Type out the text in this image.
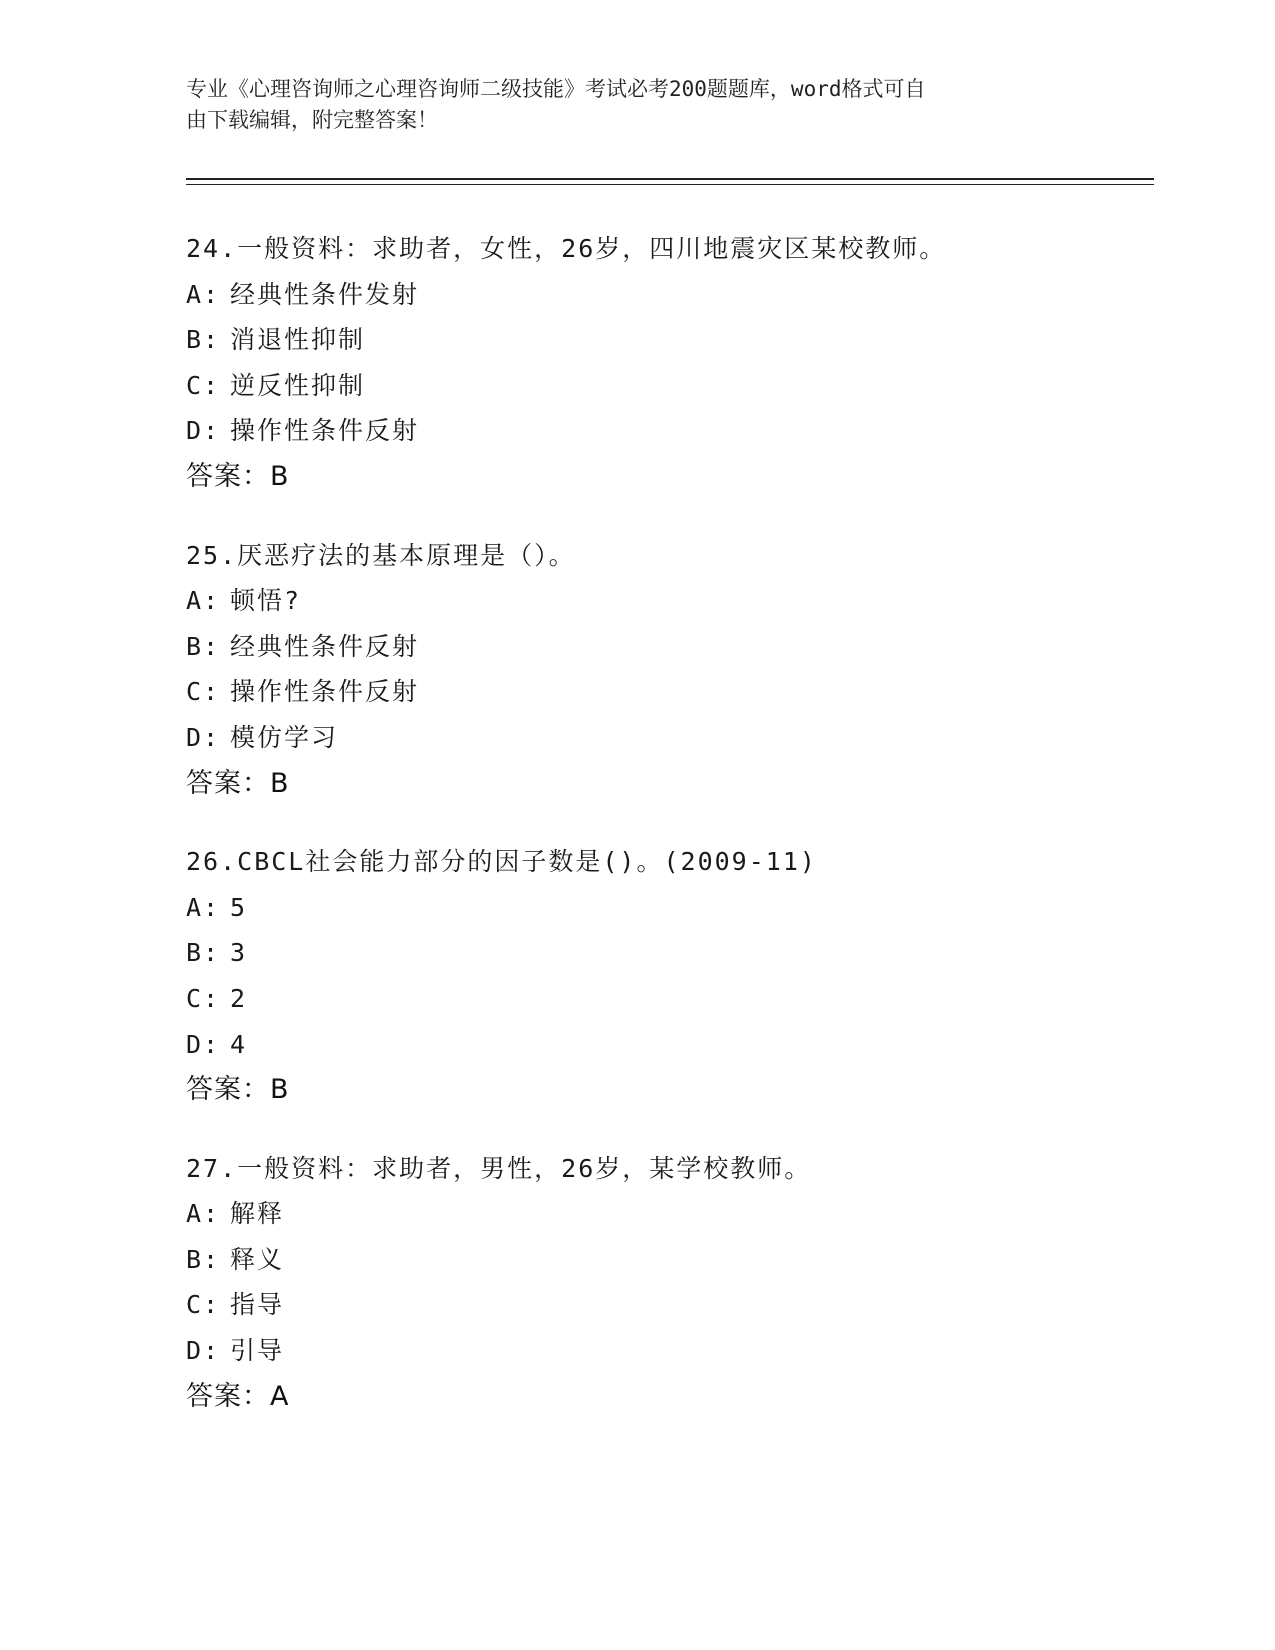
专业《心理咨询师之心理咨询师二级技能》考试必考200题题库，word格式可自
由下载编辑，附完整答案！
24.一般资料：求助者，女性，26岁，四川地震灾区某校教师。
A: 经典性条件发射
B: 消退性抑制
C: 逆反性抑制
D: 操作性条件反射
答案：B
25.厌恶疗法的基本原理是（）。
A: 顿悟?
B: 经典性条件反射
C: 操作性条件反射
D: 模仿学习
答案：B
26.CBCL社会能力部分的因子数是()。(2009-11)
A: 5
B: 3
C: 2
D: 4
答案：B
27.一般资料：求助者，男性，26岁，某学校教师。
A: 解释
B: 释义
C: 指导
D: 引导
答案：A
